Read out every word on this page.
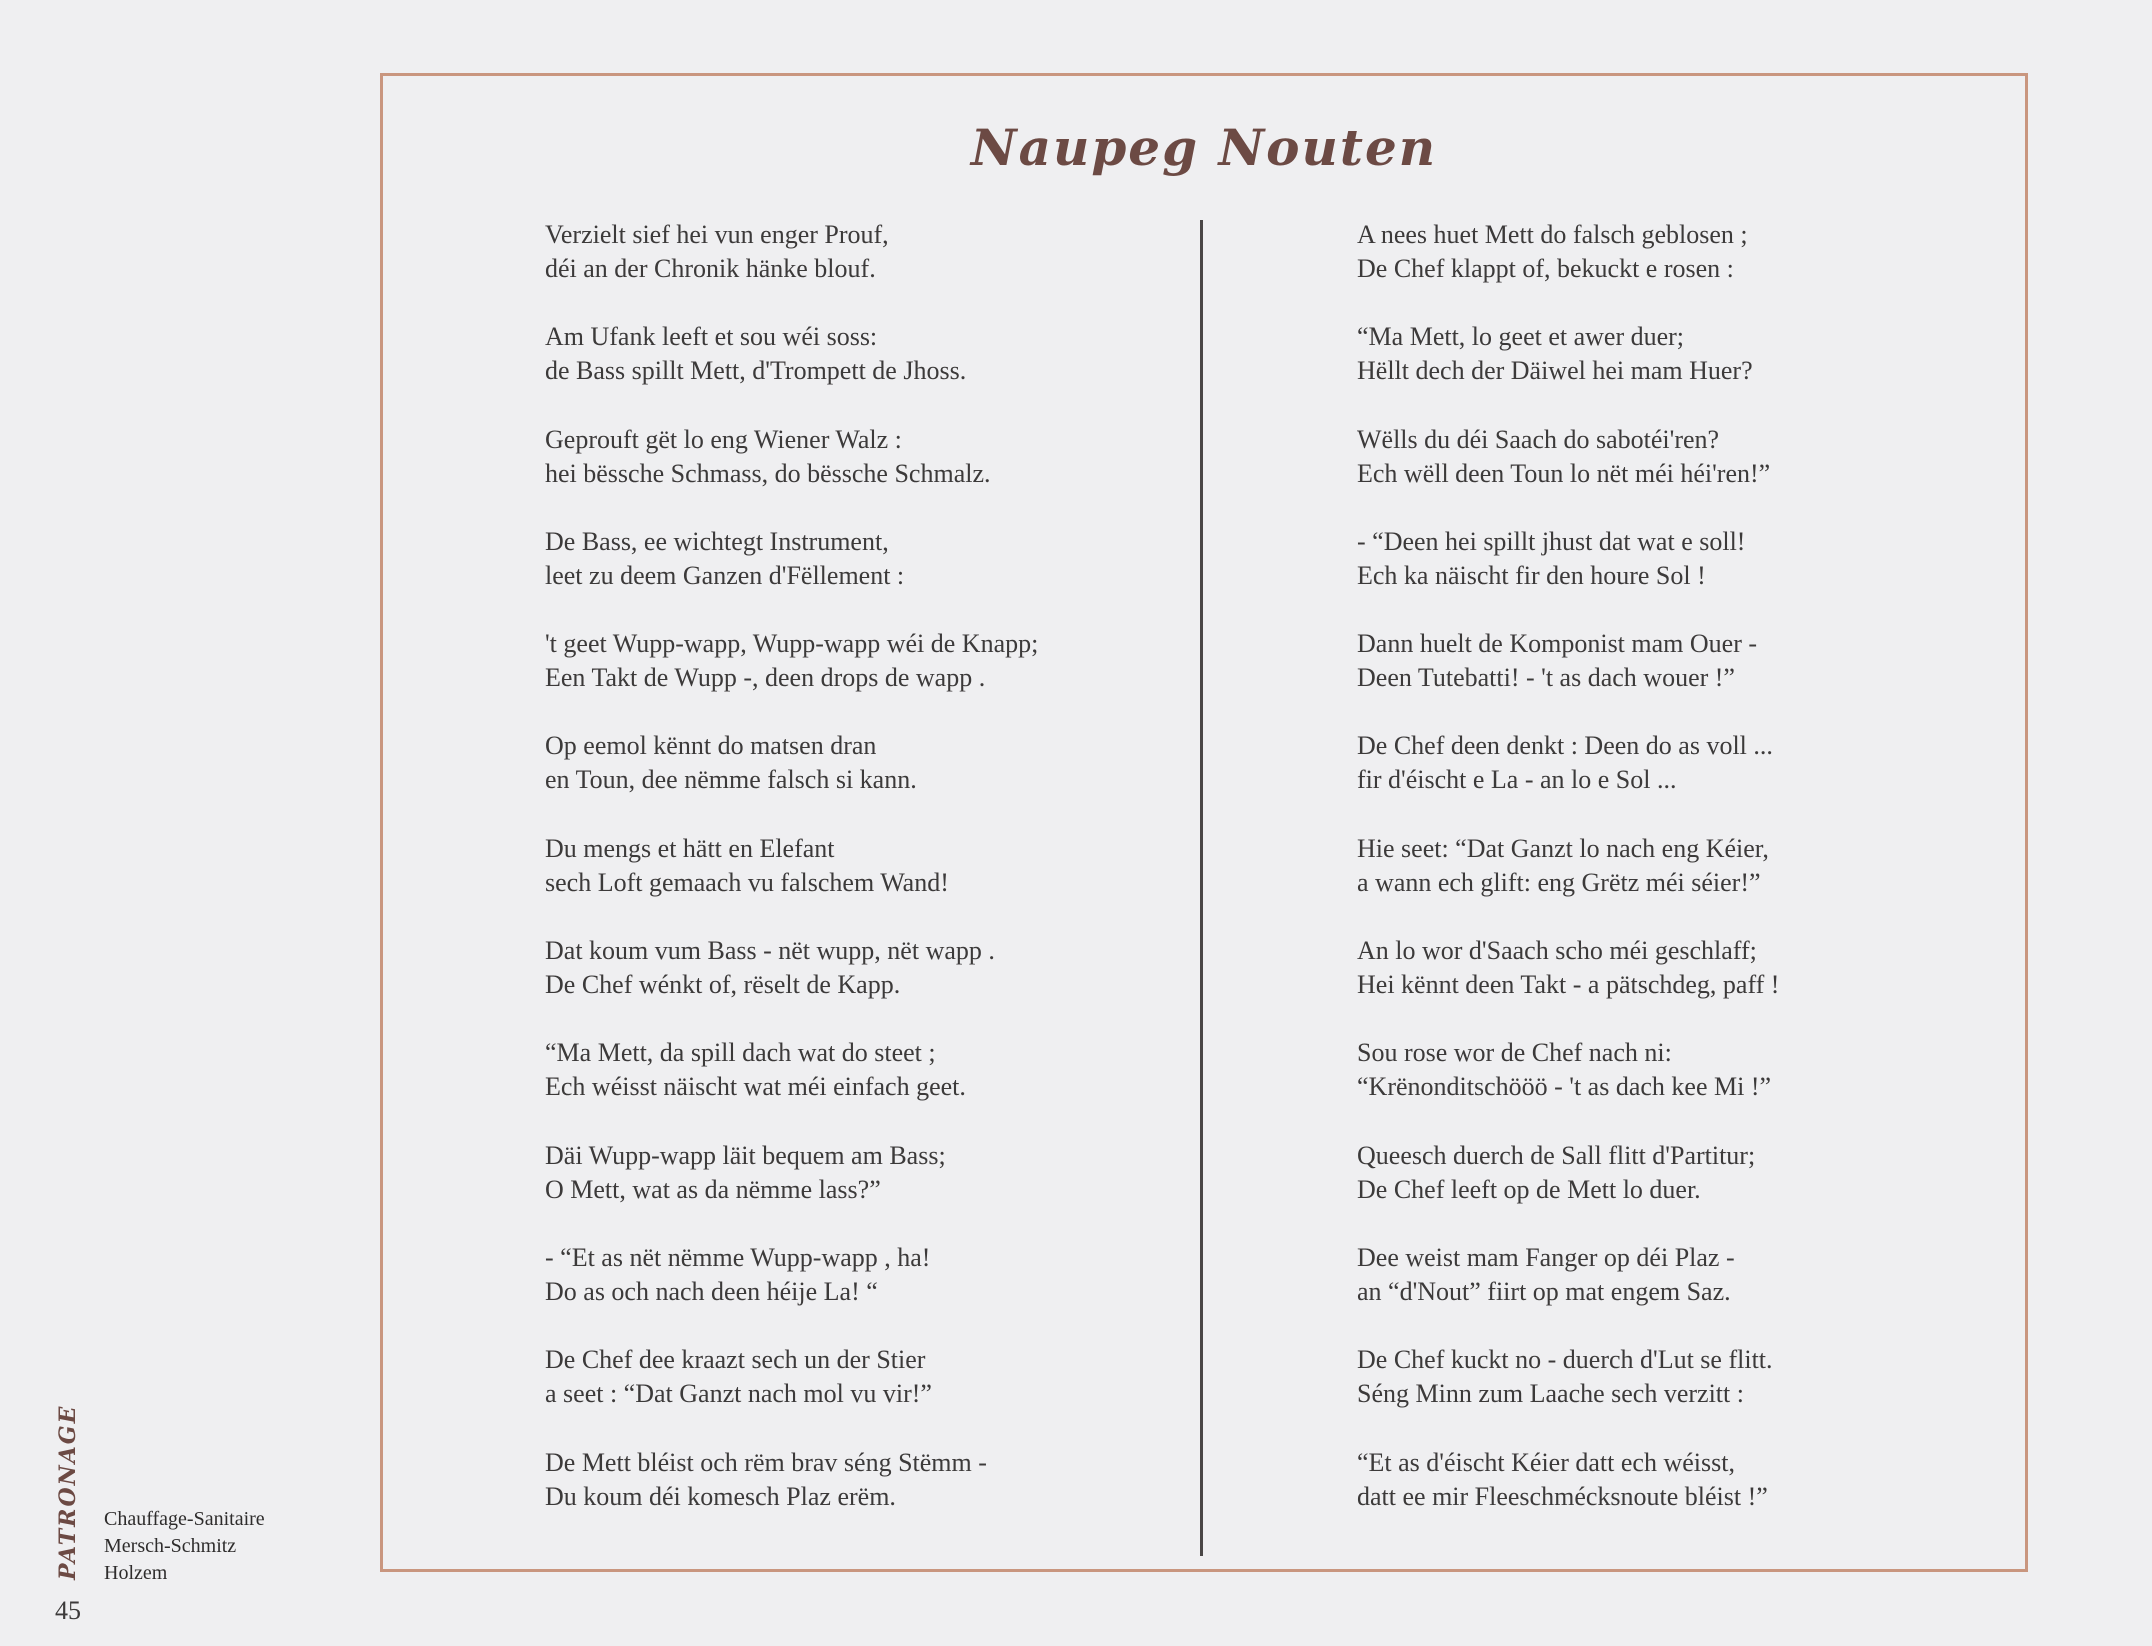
Naupeg Nouten
Verzielt sief hei vun enger Prouf,
déi an der Chronik hänke blouf.
Am Ufank leeft et sou wéi soss:
de Bass spillt Mett, d'Trompett de Jhoss.
Geprouft gët lo eng Wiener Walz :
hei bëssche Schmass, do bëssche Schmalz.
De Bass, ee wichtegt Instrument,
leet zu deem Ganzen d'Fëllement :
't geet Wupp-wapp, Wupp-wapp wéi de Knapp;
Een Takt de Wupp -, deen drops de wapp .
Op eemol kënnt do matsen dran
en Toun, dee nëmme falsch si kann.
Du mengs et hätt en Elefant
sech Loft gemaach vu falschem Wand!
Dat koum vum Bass - nët wupp, nët wapp .
De Chef wénkt of, rëselt de Kapp.
“Ma Mett, da spill dach wat do steet ;
Ech wéisst näischt wat méi einfach geet.
Däi Wupp-wapp läit bequem am Bass;
O Mett, wat as da nëmme lass?”
- “Et as nët nëmme Wupp-wapp , ha!
Do as och nach deen héije La! “
De Chef dee kraazt sech un der Stier
a seet : “Dat Ganzt nach mol vu vir!”
De Mett bléist och rëm brav séng Stëmm -
Du koum déi komesch Plaz erëm.
A nees huet Mett do falsch geblosen ;
De Chef klappt of, bekuckt e rosen :
“Ma Mett, lo geet et awer duer;
Hëllt dech der Däiwel hei mam Huer?
Wëlls du déi Saach do sabotéi'ren?
Ech wëll deen Toun lo nët méi héi'ren!”
- “Deen hei spillt jhust dat wat e soll!
Ech ka näischt fir den houre Sol !
Dann huelt de Komponist mam Ouer -
Deen Tutebatti! - 't as dach wouer !”
De Chef deen denkt : Deen do as voll ...
fir d'éischt e La - an lo e Sol ...
Hie seet: “Dat Ganzt lo nach eng Kéier,
a wann ech glift: eng Grëtz méi séier!”
An lo wor d'Saach scho méi geschlaff;
Hei kënnt deen Takt - a pätschdeg, paff !
Sou rose wor de Chef nach ni:
“Krënonditschööö - 't as dach kee Mi !”
Queesch duerch de Sall flitt d'Partitur;
De Chef leeft op de Mett lo duer.
Dee weist mam Fanger op déi Plaz -
an “d'Nout” fiirt op mat engem Saz.
De Chef kuckt no - duerch d'Lut se flitt.
Séng Minn zum Laache sech verzitt :
“Et as d'éischt Kéier datt ech wéisst,
datt ee mir Fleeschmécksnoute bléist !”
PATRONAGE Chauffage-Sanitaire
Mersch-Schmitz
Holzem
45
